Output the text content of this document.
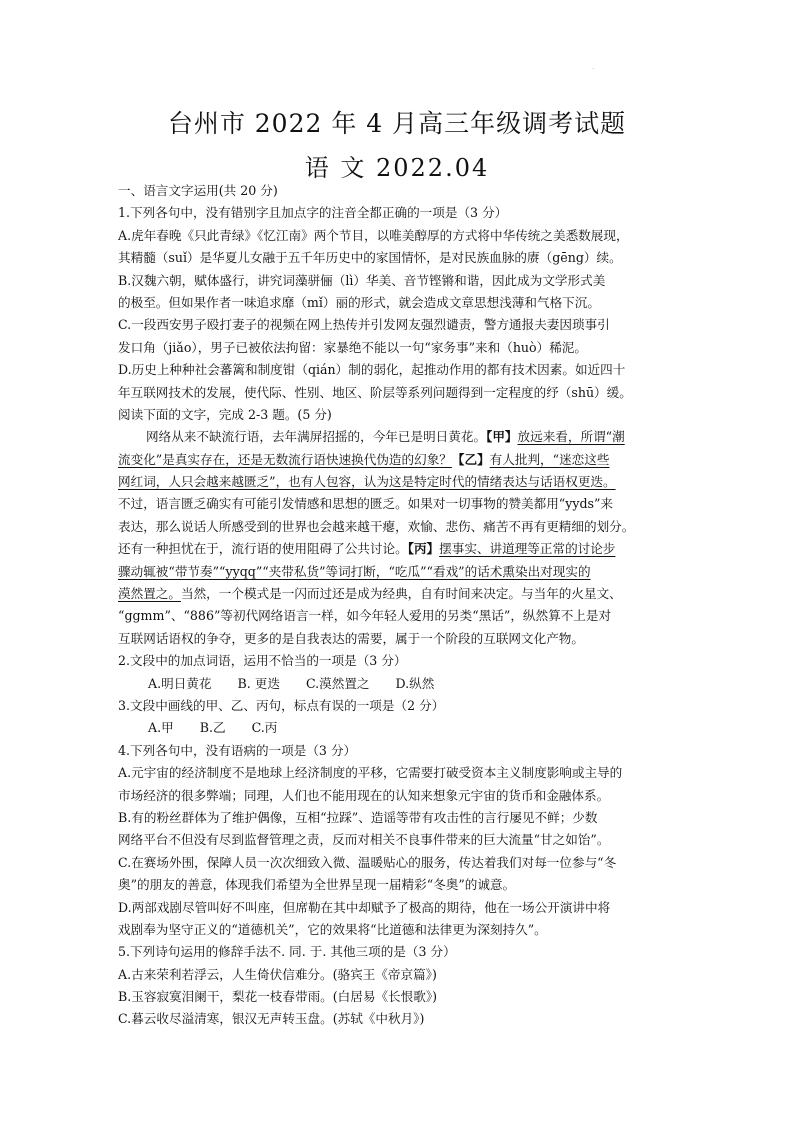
·
台州市 2022 年 4 月高三年级调考试题
语 文 2022.04
一、语言文字运用(共 20 分)
1.下列各句中，没有错别字且加点字的注音全都正确的一项是（3 分）
A.虎年春晚《只此青绿》《忆江南》两个节目，以唯美醇厚的方式将中华传统之美悉数展现，
其精髓（suǐ）是华夏儿女融于五千年历史中的家国情怀，是对民族血脉的赓（gēng）续。
B.汉魏六朝，赋体盛行，讲究词藻骈俪（lì）华美、音节铿锵和谐，因此成为文学形式美
的极至。但如果作者一味追求靡（mǐ）丽的形式，就会造成文章思想浅薄和气格下沉。
C.一段西安男子殴打妻子的视频在网上热传并引发网友强烈谴责，警方通报夫妻因琐事引
发口角（jiǎo），男子已被依法拘留：家暴绝不能以一句“家务事”来和（huò）稀泥。
D.历史上种种社会蕃篱和制度钳（qián）制的弱化，起推动作用的都有技术因素。如近四十
年互联网技术的发展，使代际、性别、地区、阶层等系列问题得到一定程度的纾（shū）缓。
阅读下面的文字，完成 2-3 题。(5 分)
网络从来不缺流行语，去年满屏招摇的，今年已是明日黄花。【甲】放远来看，所谓“潮
流变化”是真实存在，还是无数流行语快速换代伪造的幻象？【乙】有人批判，“迷恋这些
网红词，人只会越来越匮乏”，也有人包容，认为这是特定时代的情绪表达与话语权更迭。
不过，语言匮乏确实有可能引发情感和思想的匮乏。如果对一切事物的赞美都用“yyds”来
表达，那么说话人所感受到的世界也会越来越干瘪，欢愉、悲伤、痛苦不再有更精细的划分。
还有一种担忧在于，流行语的使用阻碍了公共讨论。【丙】摆事实、讲道理等正常的讨论步
骤动辄被“带节奏”“yyqq”“夹带私货”等词打断，“吃瓜”“看戏”的话术熏染出对现实的
漠然置之。当然，一个模式是一闪而过还是成为经典，自有时间来决定。与当年的火星文、
“ggmm”、“886”等初代网络语言一样，如今年轻人爱用的另类“黑话”，纵然算不上是对
互联网话语权的争夺，更多的是自我表达的需要，属于一个阶段的互联网文化产物。
2.文段中的加点词语，运用不恰当的一项是（3 分）
A.明日黄花 B. 更迭 C.漠然置之 D.纵然
3.文段中画线的甲、乙、丙句，标点有误的一项是（2 分）
A.甲 B.乙 C.丙
4.下列各句中，没有语病的一项是（3 分）
A.元宇宙的经济制度不是地球上经济制度的平移，它需要打破受资本主义制度影响或主导的
市场经济的很多弊端；同理，人们也不能用现在的认知来想象元宇宙的货币和金融体系。
B.有的粉丝群体为了维护偶像，互相“拉踩”、造谣等带有攻击性的言行屡见不鲜；少数
网络平台不但没有尽到监督管理之责，反而对相关不良事件带来的巨大流量“甘之如饴”。
C.在赛场外围，保障人员一次次细致入微、温暖贴心的服务，传达着我们对每一位参与“冬
奥”的朋友的善意，体现我们希望为全世界呈现一届精彩“冬奥”的诚意。
D.两部戏剧尽管叫好不叫座，但席勒在其中却赋予了极高的期待，他在一场公开演讲中将
戏剧奉为坚守正义的“道德机关”，它的效果将“比道德和法律更为深刻持久”。
5.下列诗句运用的修辞手法不. 同. 于. 其他三项的是（3 分）
A.古来荣利若浮云，人生倚伏信难分。(骆宾王《帝京篇》)
B.玉容寂寞泪阑干，梨花一枝春带雨。(白居易《长恨歌》)
C.暮云收尽溢清寒，银汉无声转玉盘。(苏轼《中秋月》)
